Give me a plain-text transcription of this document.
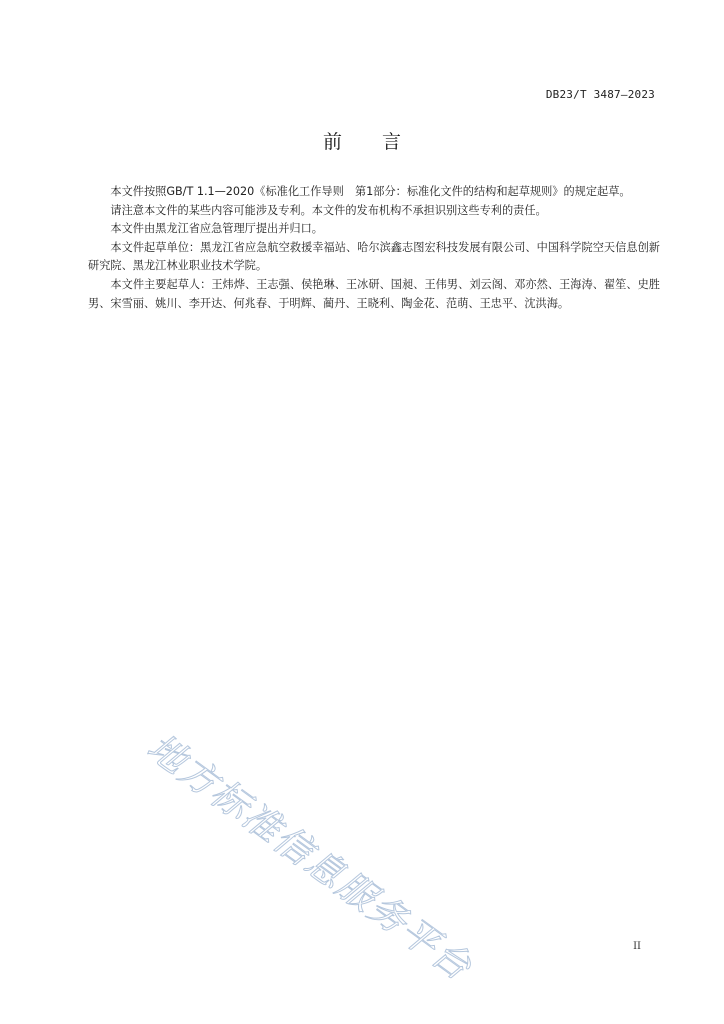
DB23/T 3487—2023
前言

本文件按照GB/T 1.1—2020《标准化工作导则　第1部分：标准化文件的结构和起草规则》的规定起草。

请注意本文件的某些内容可能涉及专利。本文件的发布机构不承担识别这些专利的责任。

本文件由黑龙江省应急管理厅提出并归口。

本文件起草单位：黑龙江省应急航空救援幸福站、哈尔滨鑫志图宏科技发展有限公司、中国科学院空天信息创新研究院、黑龙江林业职业技术学院。

本文件主要起草人：王炜烨、王志强、侯艳琳、王冰研、国昶、王伟男、刘云阁、邓亦然、王海涛、翟笙、史胜男、宋雪丽、姚川、李开达、何兆春、于明辉、蔺丹、王晓利、陶金花、范萌、王忠平、沈洪海。

地方标准信息服务平台	II
